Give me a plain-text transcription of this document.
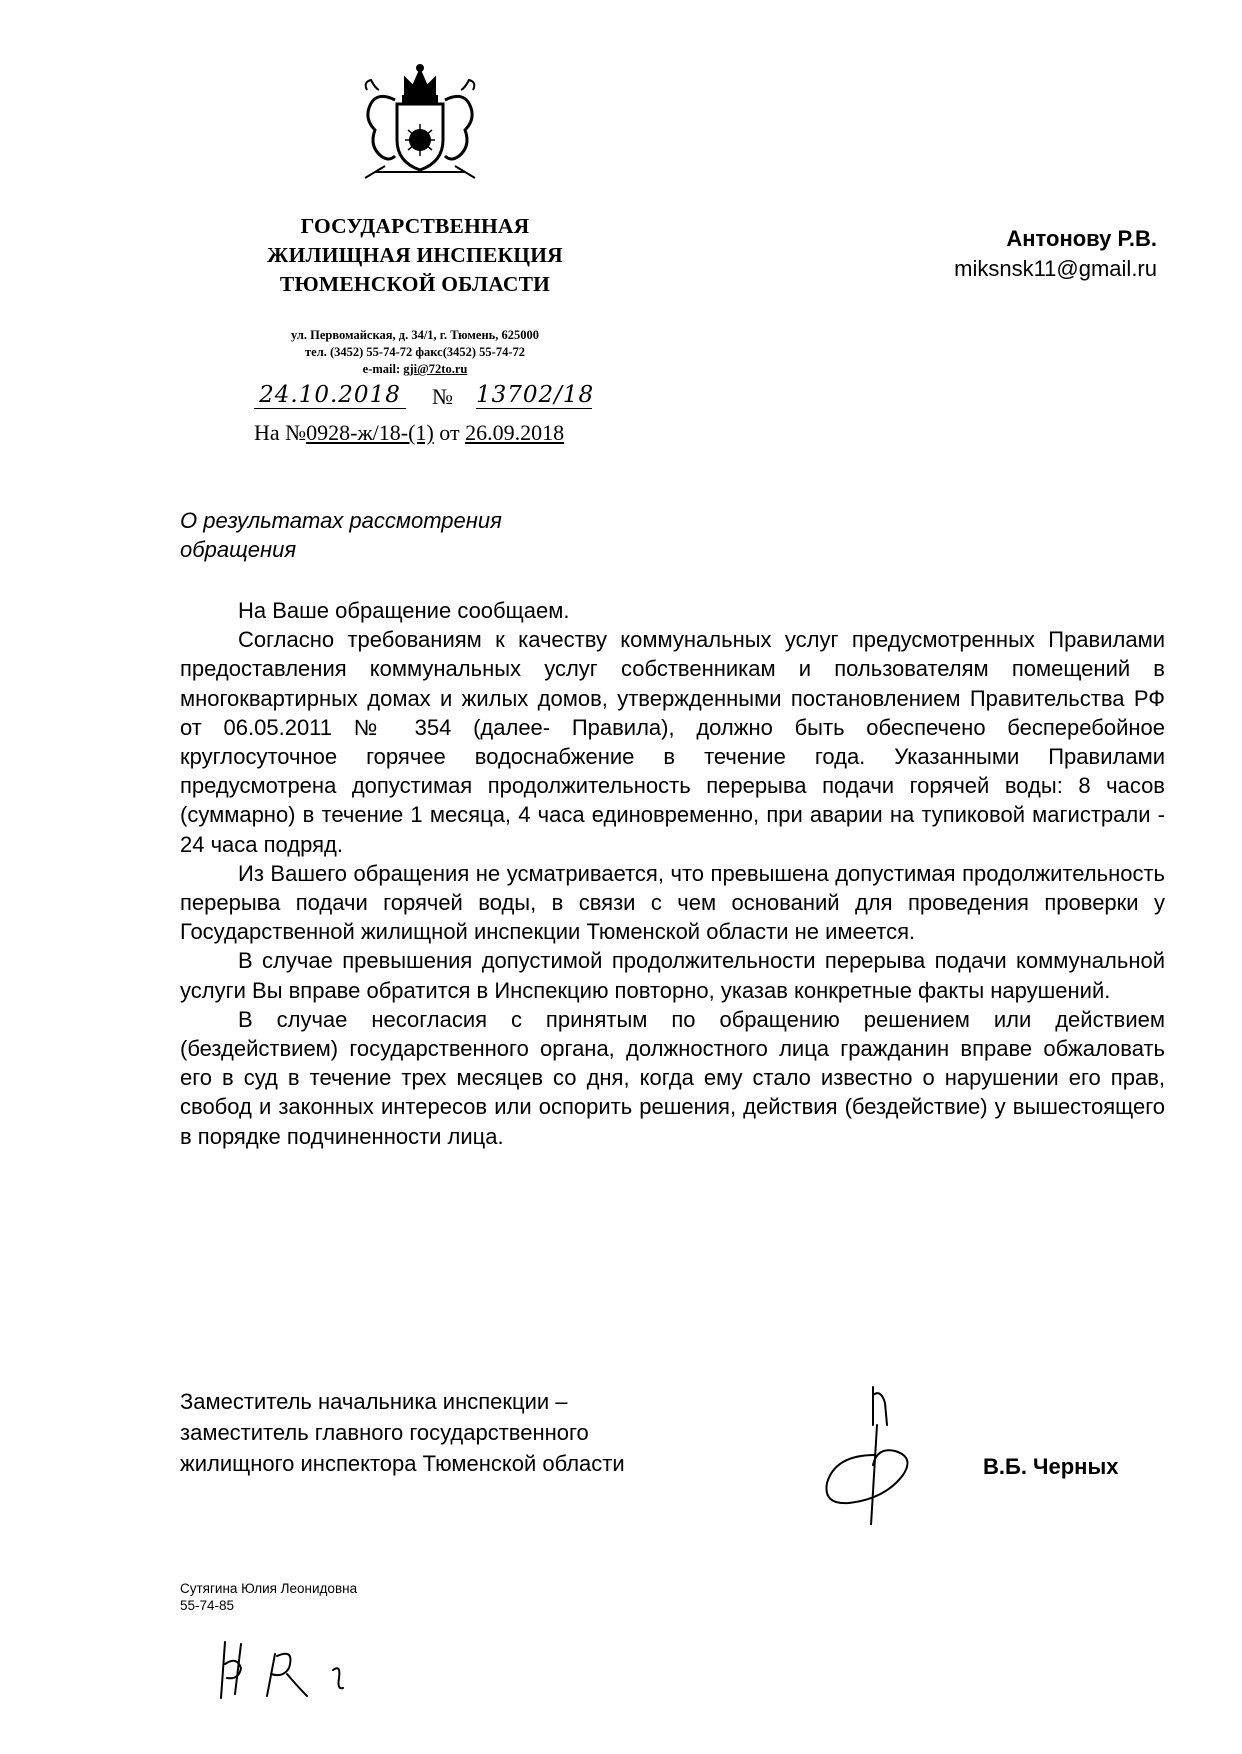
ГОСУДАРСТВЕННАЯ
ЖИЛИЩНАЯ ИНСПЕКЦИЯ
ТЮМЕНСКОЙ ОБЛАСТИ
ул. Первомайская, д. 34/1, г. Тюмень, 625000
тел. (3452) 55-74-72 факс(3452) 55-74-72
e-mail: gji@72to.ru
24.10.2018 № 13702/18
На №0928-ж/18-(1) от 26.09.2018
Антонову Р.В.
miksnsk11@gmail.ru
О результатах рассмотрения
обращения

На Ваше обращение сообщаем.

Согласно требованиям к качеству коммунальных услуг предусмотренных Правилами предоставления коммунальных услуг собственникам и пользователям помещений в многоквартирных домах и жилых домов, утвержденными постановлением Правительства РФ от 06.05.2011 № 354 (далее- Правила), должно быть обеспечено бесперебойное круглосуточное горячее водоснабжение в течение года. Указанными Правилами предусмотрена допустимая продолжительность перерыва подачи горячей воды: 8 часов (суммарно) в течение 1 месяца, 4 часа единовременно, при аварии на тупиковой магистрали - 24 часа подряд.

Из Вашего обращения не усматривается, что превышена допустимая продолжительность перерыва подачи горячей воды, в связи с чем оснований для проведения проверки у Государственной жилищной инспекции Тюменской области не имеется.

В случае превышения допустимой продолжительности перерыва подачи коммунальной услуги Вы вправе обратится в Инспекцию повторно, указав конкретные факты нарушений.

В случае несогласия с принятым по обращению решением или действием (бездействием) государственного органа, должностного лица гражданин вправе обжаловать его в суд в течение трех месяцев со дня, когда ему стало известно о нарушении его прав, свобод и законных интересов или оспорить решения, действия (бездействие) у вышестоящего в порядке подчиненности лица.

Заместитель начальника инспекции –
заместитель главного государственного
жилищного инспектора Тюменской области	В.Б. Черных
Сутягина Юлия Леонидовна
55-74-85
